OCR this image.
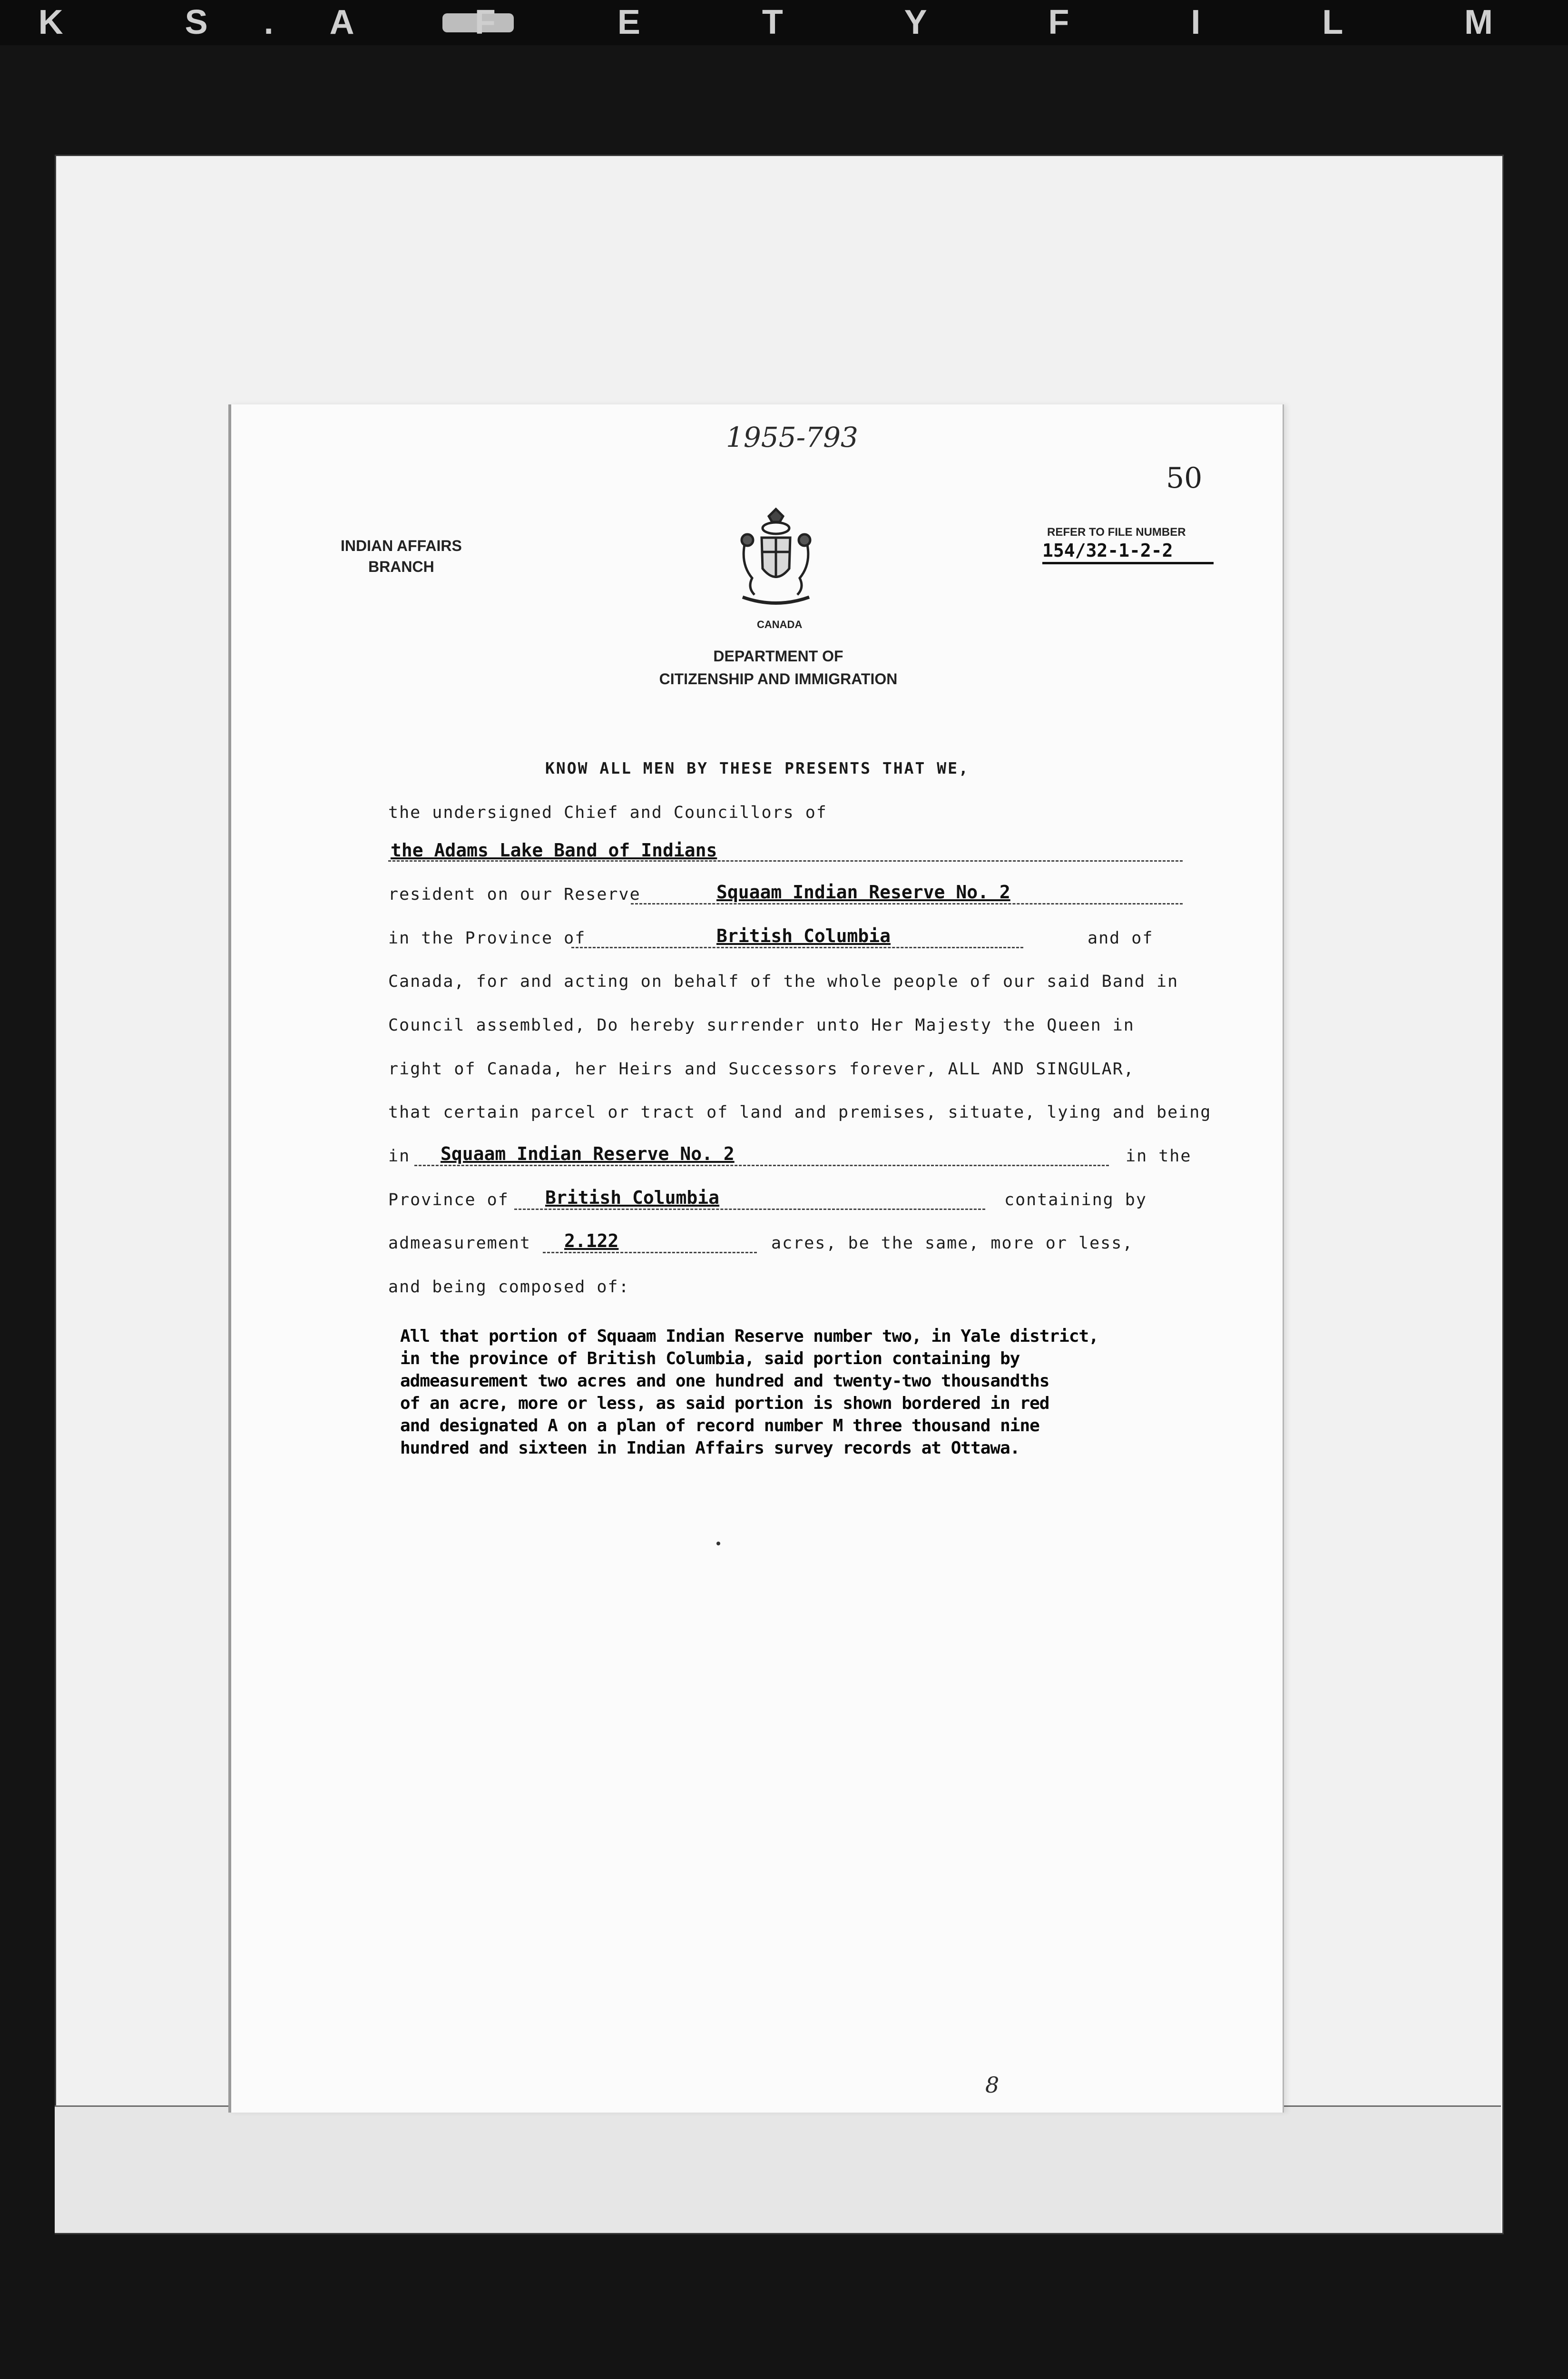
K S.A F E T Y F I L M
1955-793
50
INDIAN AFFAIRS
BRANCH
CANADA
DEPARTMENT OF
CITIZENSHIP AND IMMIGRATION
REFER TO FILE NUMBER
154/32-1-2-2
KNOW ALL MEN BY THESE PRESENTS THAT WE,
the undersigned Chief and Councillors of
the Adams Lake Band of Indians
resident on our Reserve	Squaam Indian Reserve No. 2
in the Province of	British Columbia	and of
Canada, for and acting on behalf of the whole people of our said Band in
Council assembled, Do hereby surrender unto Her Majesty the Queen in
right of Canada, her Heirs and Successors forever, ALL AND SINGULAR,
that certain parcel or tract of land and premises, situate, lying and being
in Squaam Indian Reserve No. 2	in the
Province of British Columbia	containing by
admeasurement 2.122	acres, be the same, more or less,
and being composed of:
All that portion of Squaam Indian Reserve number two, in Yale district,
in the province of British Columbia, said portion containing by
admeasurement two acres and one hundred and twenty-two thousandths
of an acre, more or less, as said portion is shown bordered in red
and designated A on a plan of record number M three thousand nine
hundred and sixteen in Indian Affairs survey records at Ottawa.
8
